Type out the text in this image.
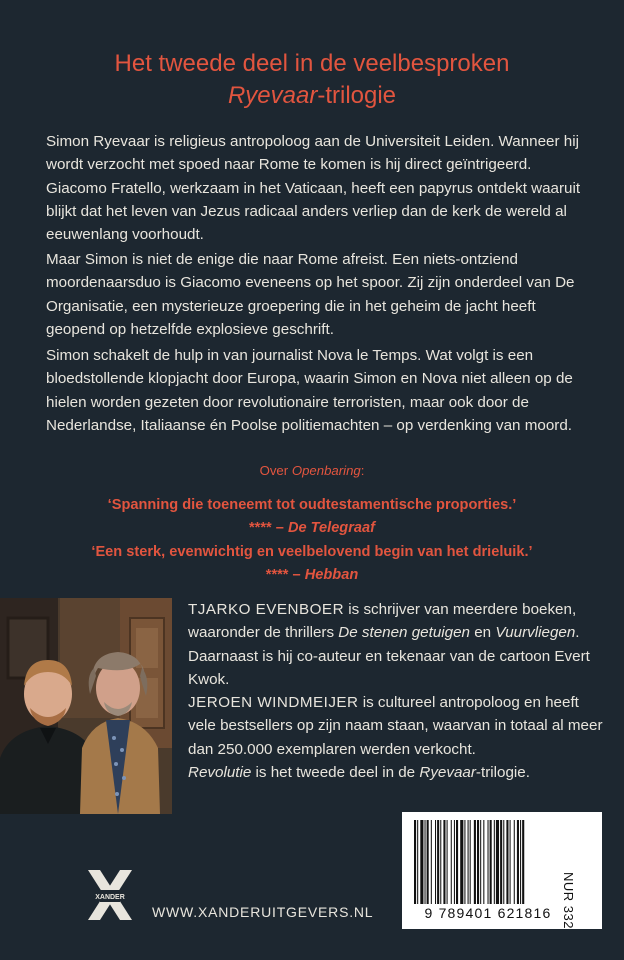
Het tweede deel in de veelbesproken
Ryevaar-trilogie

Simon Ryevaar is religieus antropoloog aan de Universiteit Leiden. Wanneer hij wordt verzocht met spoed naar Rome te komen is hij direct geïntrigeerd. Giacomo Fratello, werkzaam in het Vaticaan, heeft een papyrus ontdekt waaruit blijkt dat het leven van Jezus radicaal anders verliep dan de kerk de wereld al eeuwenlang voorhoudt.

Maar Simon is niet de enige die naar Rome afreist. Een niets-ontziend moordenaarsduo is Giacomo eveneens op het spoor. Zij zijn onderdeel van De Organisatie, een mysterieuze groepering die in het geheim de jacht heeft geopend op hetzelfde explosieve geschrift.

Simon schakelt de hulp in van journalist Nova le Temps. Wat volgt is een bloedstollende klopjacht door Europa, waarin Simon en Nova niet alleen op de hielen worden gezeten door revolutionaire terroristen, maar ook door de Nederlandse, Italiaanse én Poolse politiemachten – op verdenking van moord.

Over Openbaring:
‘Spanning die toeneemt tot oudtestamentische proporties.’
**** – De Telegraaf
‘Een sterk, evenwichtig en veelbelovend begin van het drieluik.’
**** – Hebban

TJARKO EVENBOER is schrijver van meerdere boeken, waaronder de thrillers De stenen getuigen en Vuurvliegen. Daarnaast is hij co-auteur en tekenaar van de cartoon Evert Kwok.

JEROEN WINDMEIJER is cultureel antropoloog en heeft vele bestsellers op zijn naam staan, waarvan in totaal al meer dan 250.000 exemplaren werden verkocht.

Revolutie is het tweede deel in de Ryevaar-trilogie.

9 789401 621816 NUR 332
XANDER
WWW.XANDERUITGEVERS.NL
